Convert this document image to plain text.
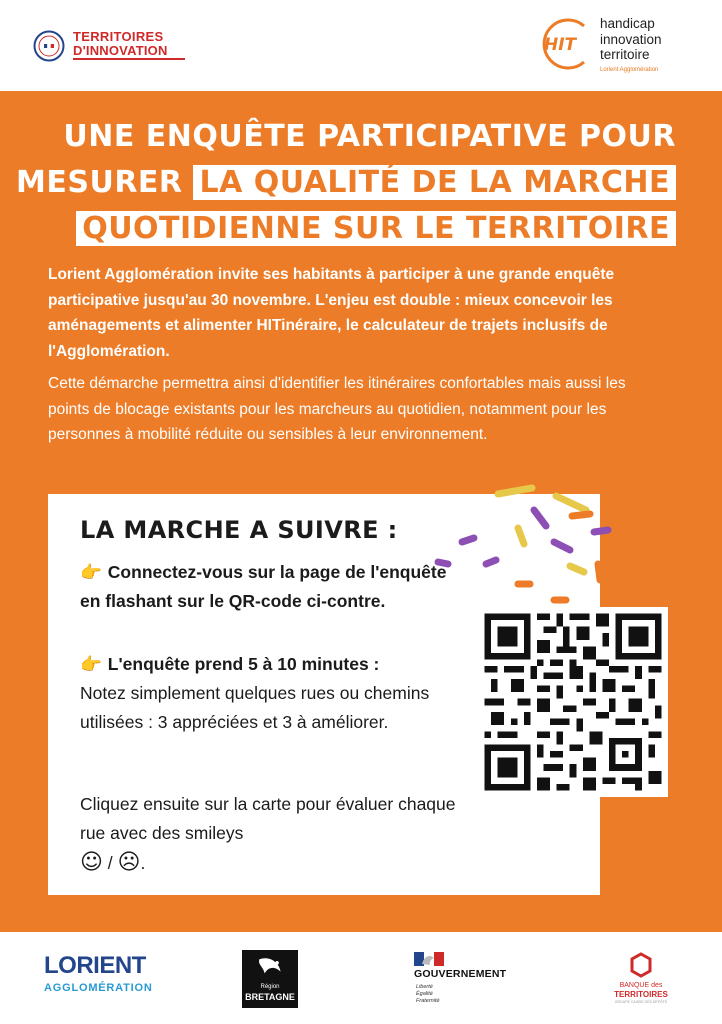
TERRITOIRES
D'INNOVATION	HIT
handicap
innovation
territoire
Lorient Agglomération
UNE ENQUÊTE PARTICIPATIVE POUR
MESURER LA QUALITÉ DE LA MARCHE
QUOTIDIENNE SUR LE TERRITOIRE
Lorient Agglomération invite ses habitants à participer à une grande enquête participative jusqu'au 30 novembre. L'enjeu est double : mieux concevoir les aménagements et alimenter HITinéraire, le calculateur de trajets inclusifs de l'Agglomération.
Cette démarche permettra ainsi d'identifier les itinéraires confortables mais aussi les points de blocage existants pour les marcheurs au quotidien, notamment pour les personnes à mobilité réduite ou sensibles à leur environnement.
LA MARCHE A SUIVRE :
👉 Connectez-vous sur la page de l'enquête en flashant sur le QR-code ci-contre.
👉 L'enquête prend 5 à 10 minutes :
Notez simplement quelques rues ou chemins utilisées : 3 appréciées et 3 à améliorer.
Cliquez ensuite sur la carte pour évaluer chaque rue avec des smileys
☺ / ☹.
LORIENT
AGGLOMÉRATION	Région
BRETAGNE
GOUVERNEMENT
Liberté
Égalité
Fraternité
BANQUE des
TERRITOIRES
GROUPE CAISSE DES DÉPÔTS
